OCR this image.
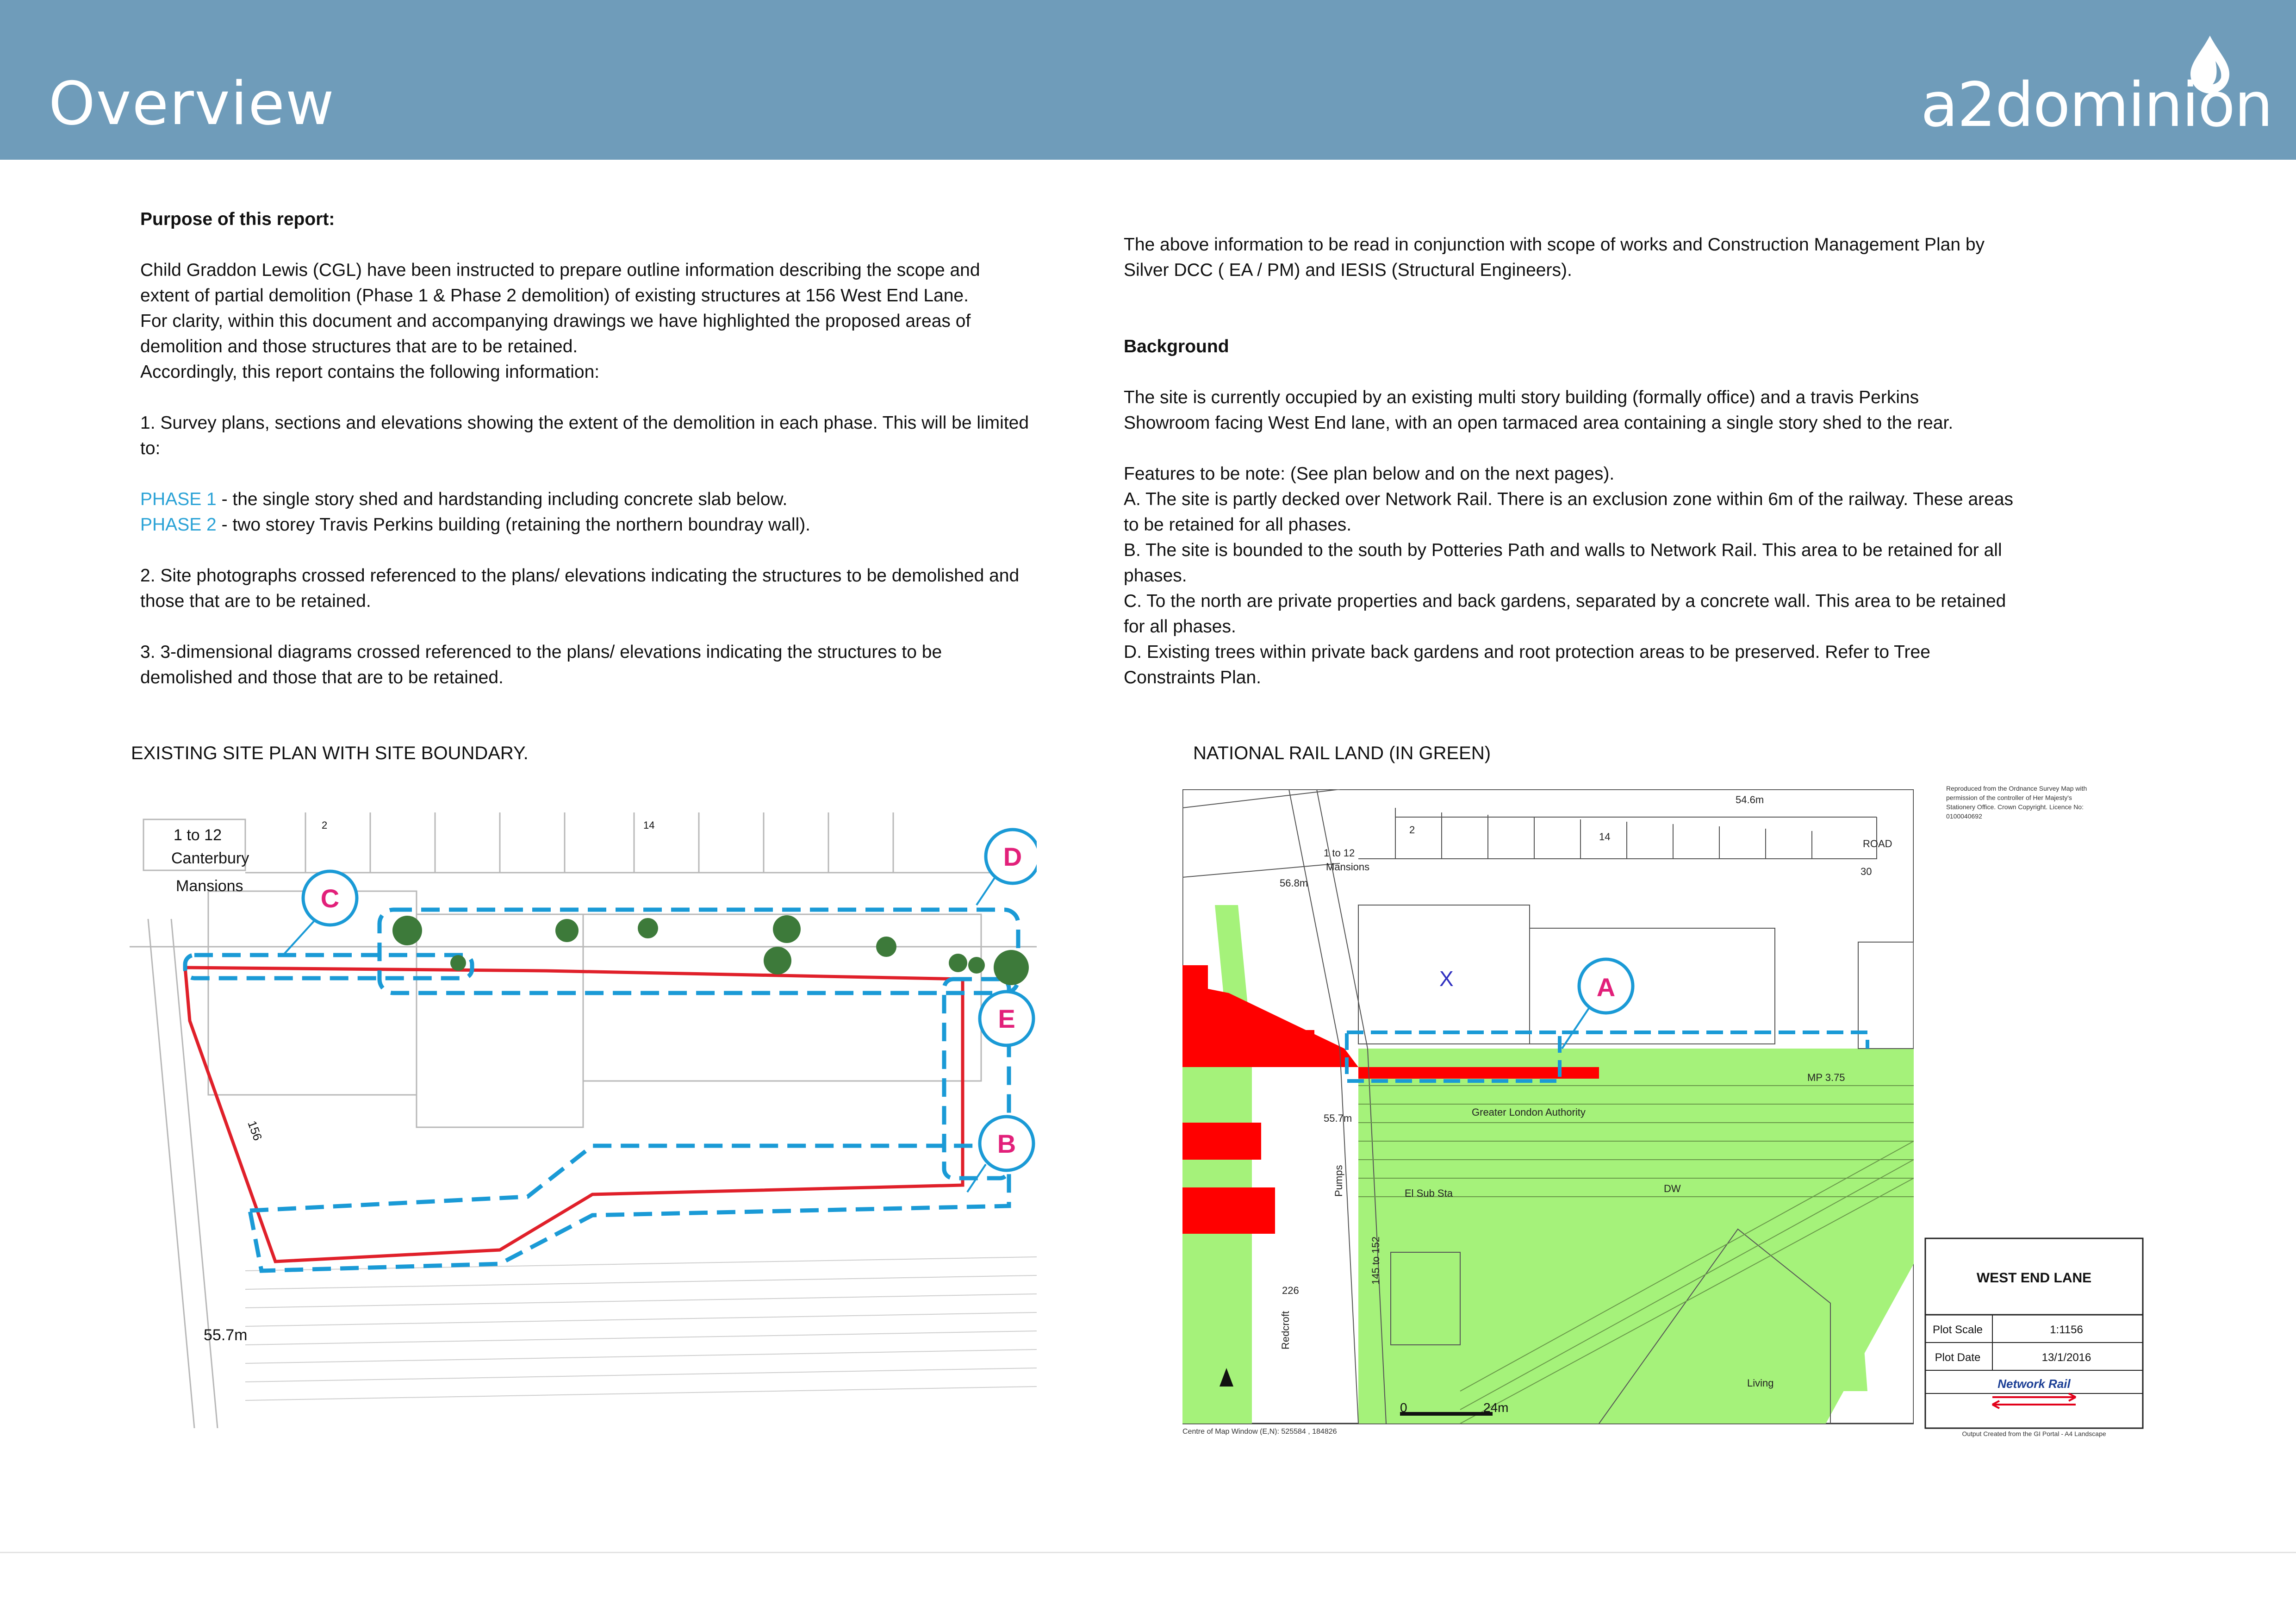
Overview	a2dominion

Purpose of this report:

Child Graddon Lewis (CGL) have been instructed to prepare outline information describing the scope and

extent of partial demolition (Phase 1 & Phase 2 demolition) of existing structures at 156 West End Lane.

For clarity, within this document and accompanying drawings we have highlighted the proposed areas of

demolition and those structures that are to be retained.

Accordingly, this report contains the following information:

1. Survey plans, sections and elevations showing the extent of the demolition in each phase. This will be limited

to:

PHASE 1 - the single story shed and hardstanding including concrete slab below.

PHASE 2 - two storey Travis Perkins building (retaining the northern boundray wall).

2. Site photographs crossed referenced to the plans/ elevations indicating the structures to be demolished and

those that are to be retained.

3. 3-dimensional diagrams crossed referenced to the plans/ elevations indicating the structures to be

demolished and those that are to be retained.

The above information to be read in conjunction with scope of works and Construction Management Plan by

Silver DCC ( EA / PM) and IESIS (Structural Engineers).

Background

The site is currently occupied by an existing multi story building (formally office) and a travis Perkins

Showroom facing West End lane, with an open tarmaced area containing a single story shed to the rear.

Features to be note: (See plan below and on the next pages).

A. The site is partly decked over Network Rail. There is an exclusion zone within 6m of the railway. These areas

to be retained for all phases.

B. The site is bounded to the south by Potteries Path and walls to Network Rail. This area to be retained for all

phases.

C. To the north are private properties and back gardens, separated by a concrete wall. This area to be retained

for all phases.

D. Existing trees within private back gardens and root protection areas to be preserved. Refer to Tree

Constraints Plan.

EXISTING SITE PLAN WITH SITE BOUNDARY.	NATIONAL RAIL LAND (IN GREEN)
1 to 12
Canterbury
Mansions
55.7m
156
2	14
C
D
E
B
A
X
1 to 12
Mansions
Greater London Authority
El Sub Sta
55.7m
54.6m
56.8m
ROAD
Living
DW
MP 3.75
30
14
2
226
145 to 152
Pumps
Redcroft
0	24m
Centre of Map Window (E,N): 525584 , 184826
Reproduced from the Ordnance Survey Map with
permission of the controller of Her Majesty's
Stationery Office. Crown Copyright. Licence No:
0100040692
WEST END LANE
Plot Scale	1:1156
Plot Date	13/1/2016
Network Rail
Output Created from the GI Portal - A4 Landscape
